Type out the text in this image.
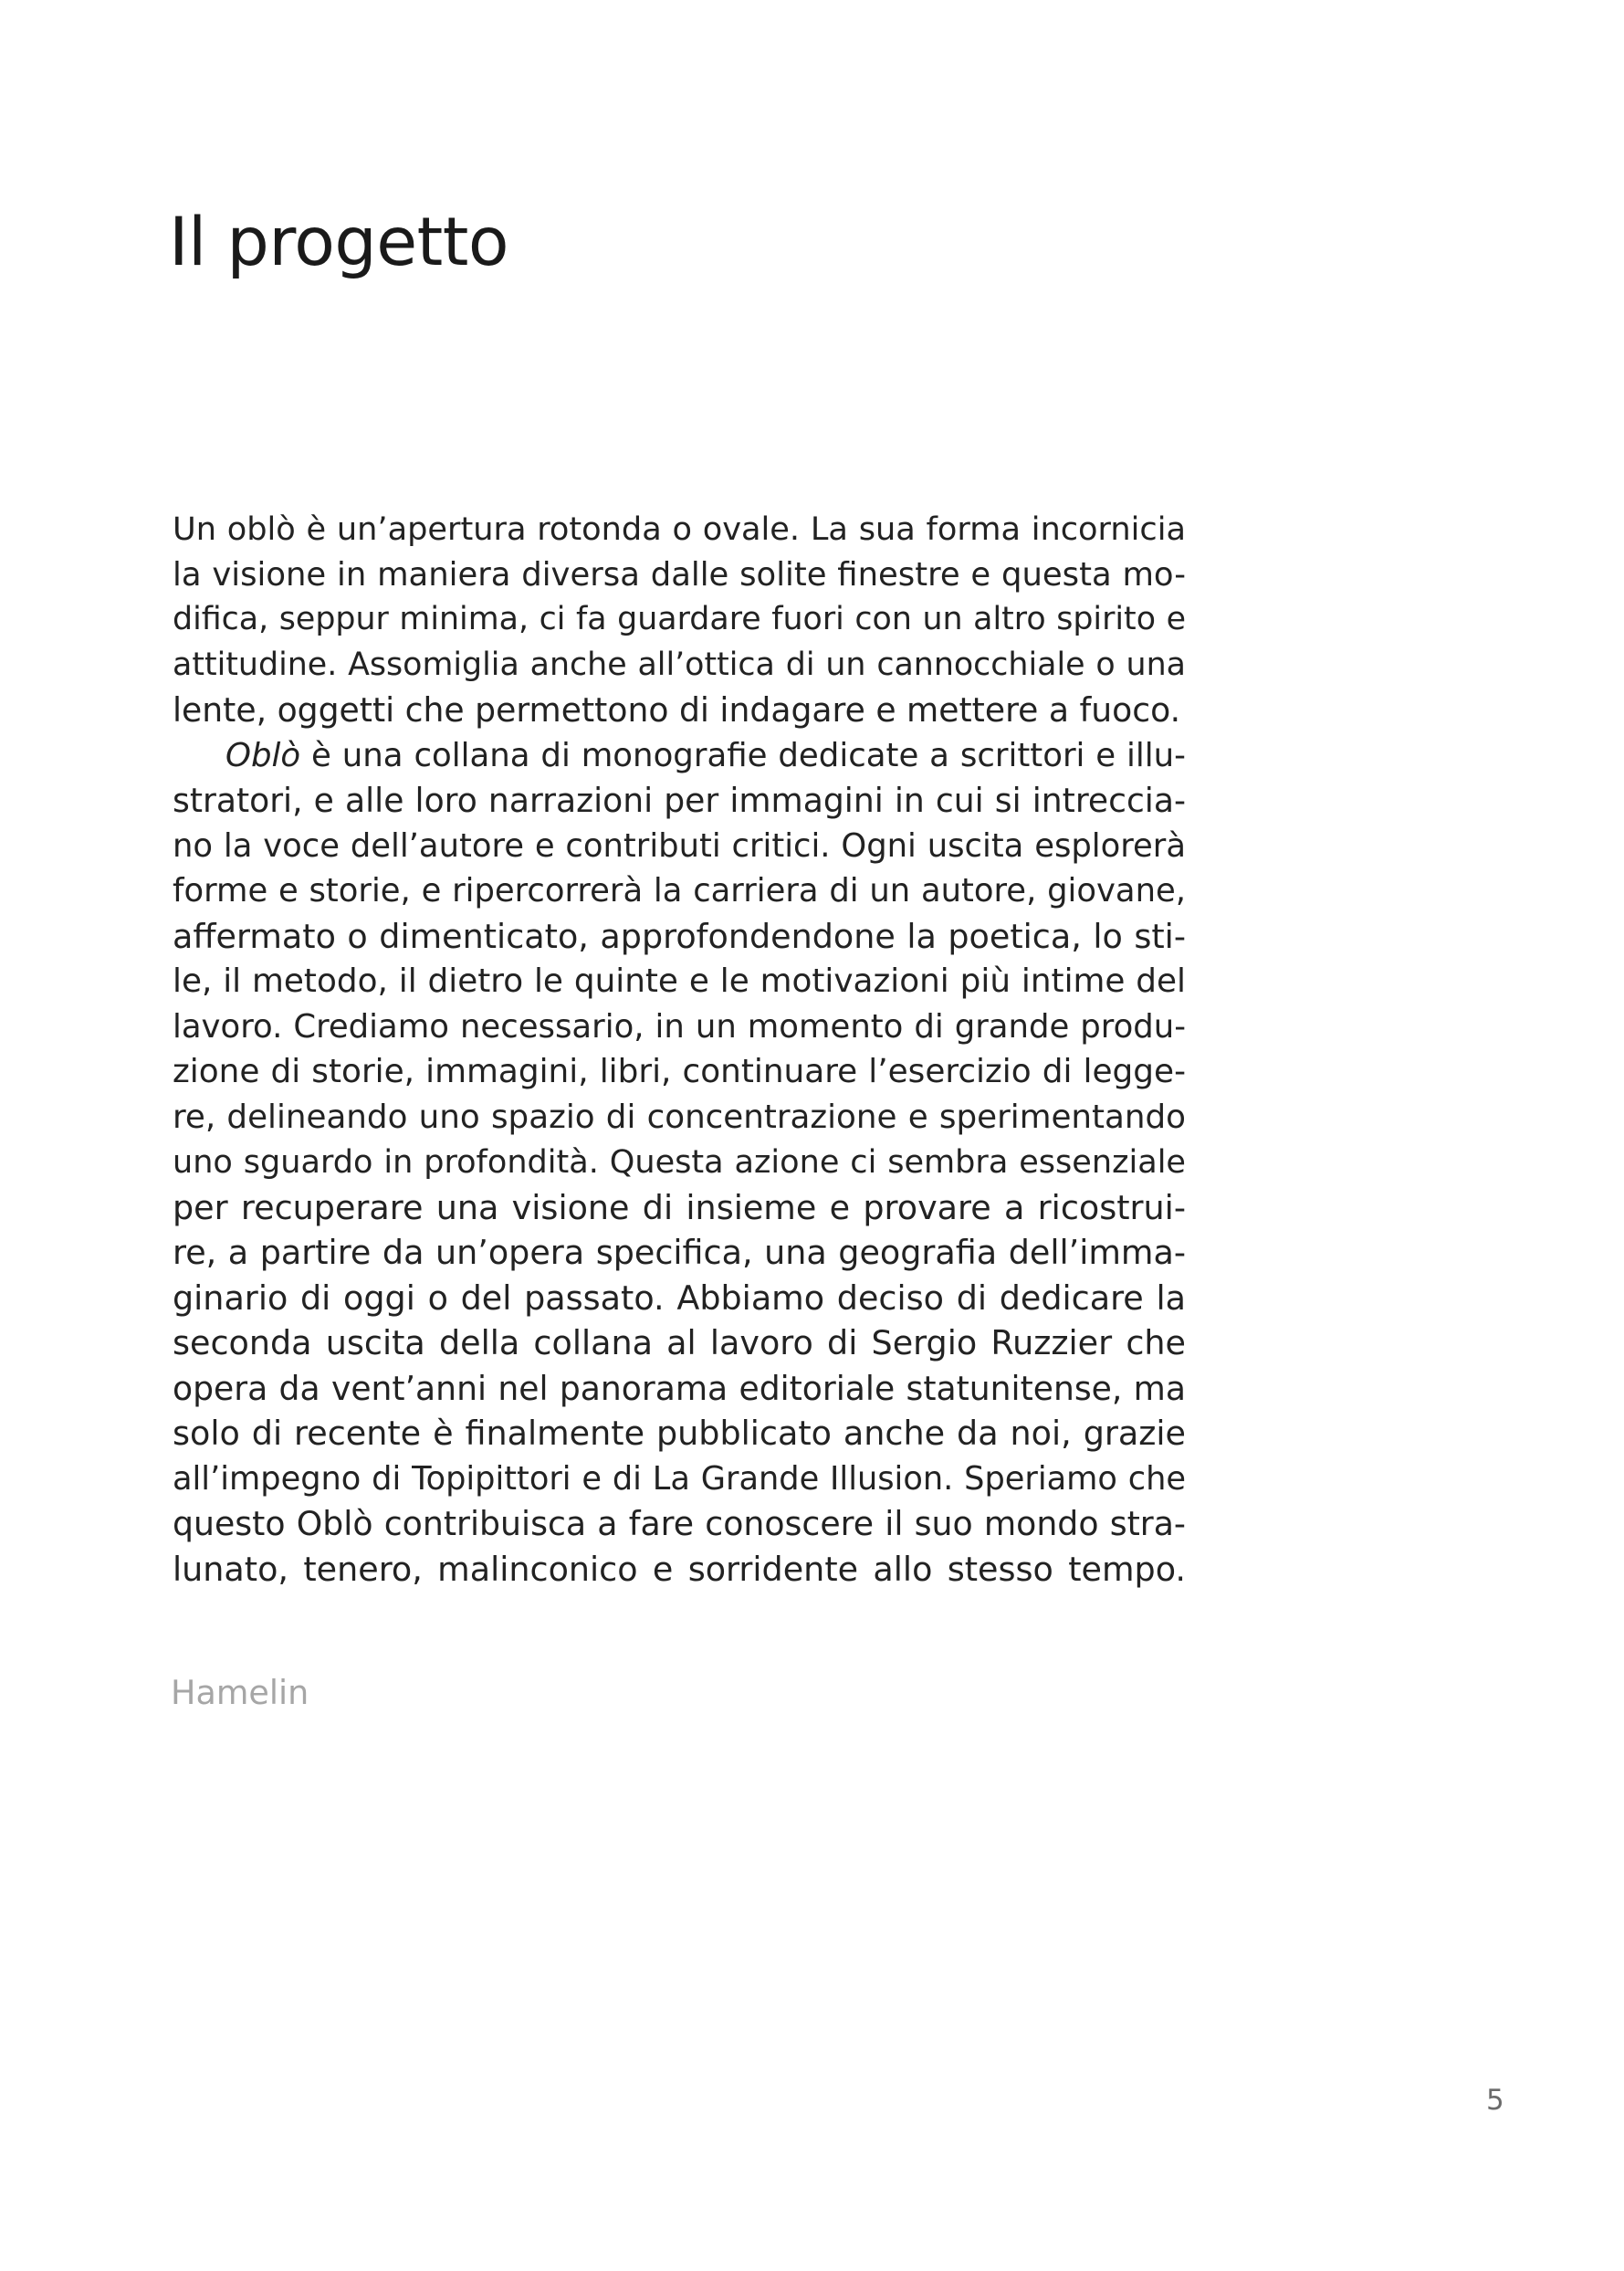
Il progetto

Un oblò è un’apertura rotonda o ovale. La sua forma incornicia
la visione in maniera diversa dalle solite finestre e questa mo-
difica, seppur minima, ci fa guardare fuori con un altro spirito e
attitudine. Assomiglia anche all’ottica di un cannocchiale o una
lente, oggetti che permettono di indagare e mettere a fuoco.

Oblò è una collana di monografie dedicate a scrittori e illu-
stratori, e alle loro narrazioni per immagini in cui si intreccia-
no la voce dell’autore e contributi critici. Ogni uscita esplorerà
forme e storie, e ripercorrerà la carriera di un autore, giovane,
affermato o dimenticato, approfondendone la poetica, lo sti-
le, il metodo, il dietro le quinte e le motivazioni più intime del
lavoro. Crediamo necessario, in un momento di grande produ-
zione di storie, immagini, libri, continuare l’esercizio di legge-
re, delineando uno spazio di concentrazione e sperimentando
uno sguardo in profondità. Questa azione ci sembra essenziale
per recuperare una visione di insieme e provare a ricostrui-
re, a partire da un’opera specifica, una geografia dell’imma-
ginario di oggi o del passato. Abbiamo deciso di dedicare la
seconda uscita della collana al lavoro di Sergio Ruzzier che
opera da vent’anni nel panorama editoriale statunitense, ma
solo di recente è finalmente pubblicato anche da noi, grazie
all’impegno di Topipittori e di La Grande Illusion. Speriamo che
questo Oblò contribuisca a fare conoscere il suo mondo stra-
lunato, tenero, malinconico e sorridente allo stesso tempo.

Hamelin

5
